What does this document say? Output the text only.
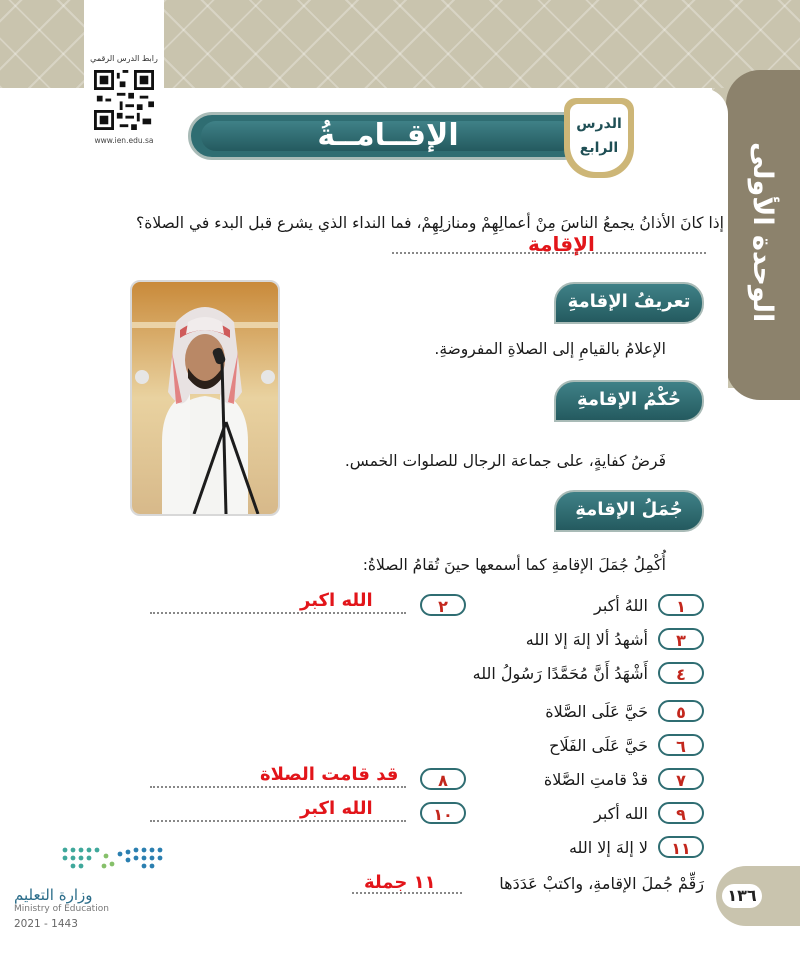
الوحدة الأولى
رابط الدرس الرقمي
www.ien.edu.sa	الإقــامــةُ	الدرس
الرابع
إذا كانَ الأذانُ يجمعُ الناسَ مِنْ أعمالِهِمْ ومنازلِهِمْ، فما النداء الذي يشرع قبل البدء في الصلاة؟
الإقامة
تعريفُ الإقامةِ
الإعلامُ بالقيامِ إلى الصلاةِ المفروضةِ.
حُكْمُ الإقامةِ
فَرضُ كفايةٍ، على جماعة الرجال للصلوات الخمس.
جُمَلُ الإقامةِ
أُكْمِلُ جُمَلَ الإقامةِ كما أسمعها حينَ تُقامُ الصلاةُ:
١
اللهُ أكبر
٣
أشهدُ ألا إلهَ إلا الله
٤
أَشْهَدُ أَنَّ مُحَمَّدًا رَسُولُ الله
٥
حَيَّ عَلَى الصَّلاة
٦
حَيَّ عَلَى الفَلَاح
٧
قدْ قامتِ الصَّلاة
٩
الله أكبر
١١
لا إلهَ إلا الله
٢
الله اكبر
٨
قد قامت الصلاة
١٠
الله اكبر
رَقِّمْ جُملَ الإقامةِ، واكتبْ عَدَدَها
١١ جملة
وزارة التعليم
Ministry of Education
2021 - 1443
١٣٦
